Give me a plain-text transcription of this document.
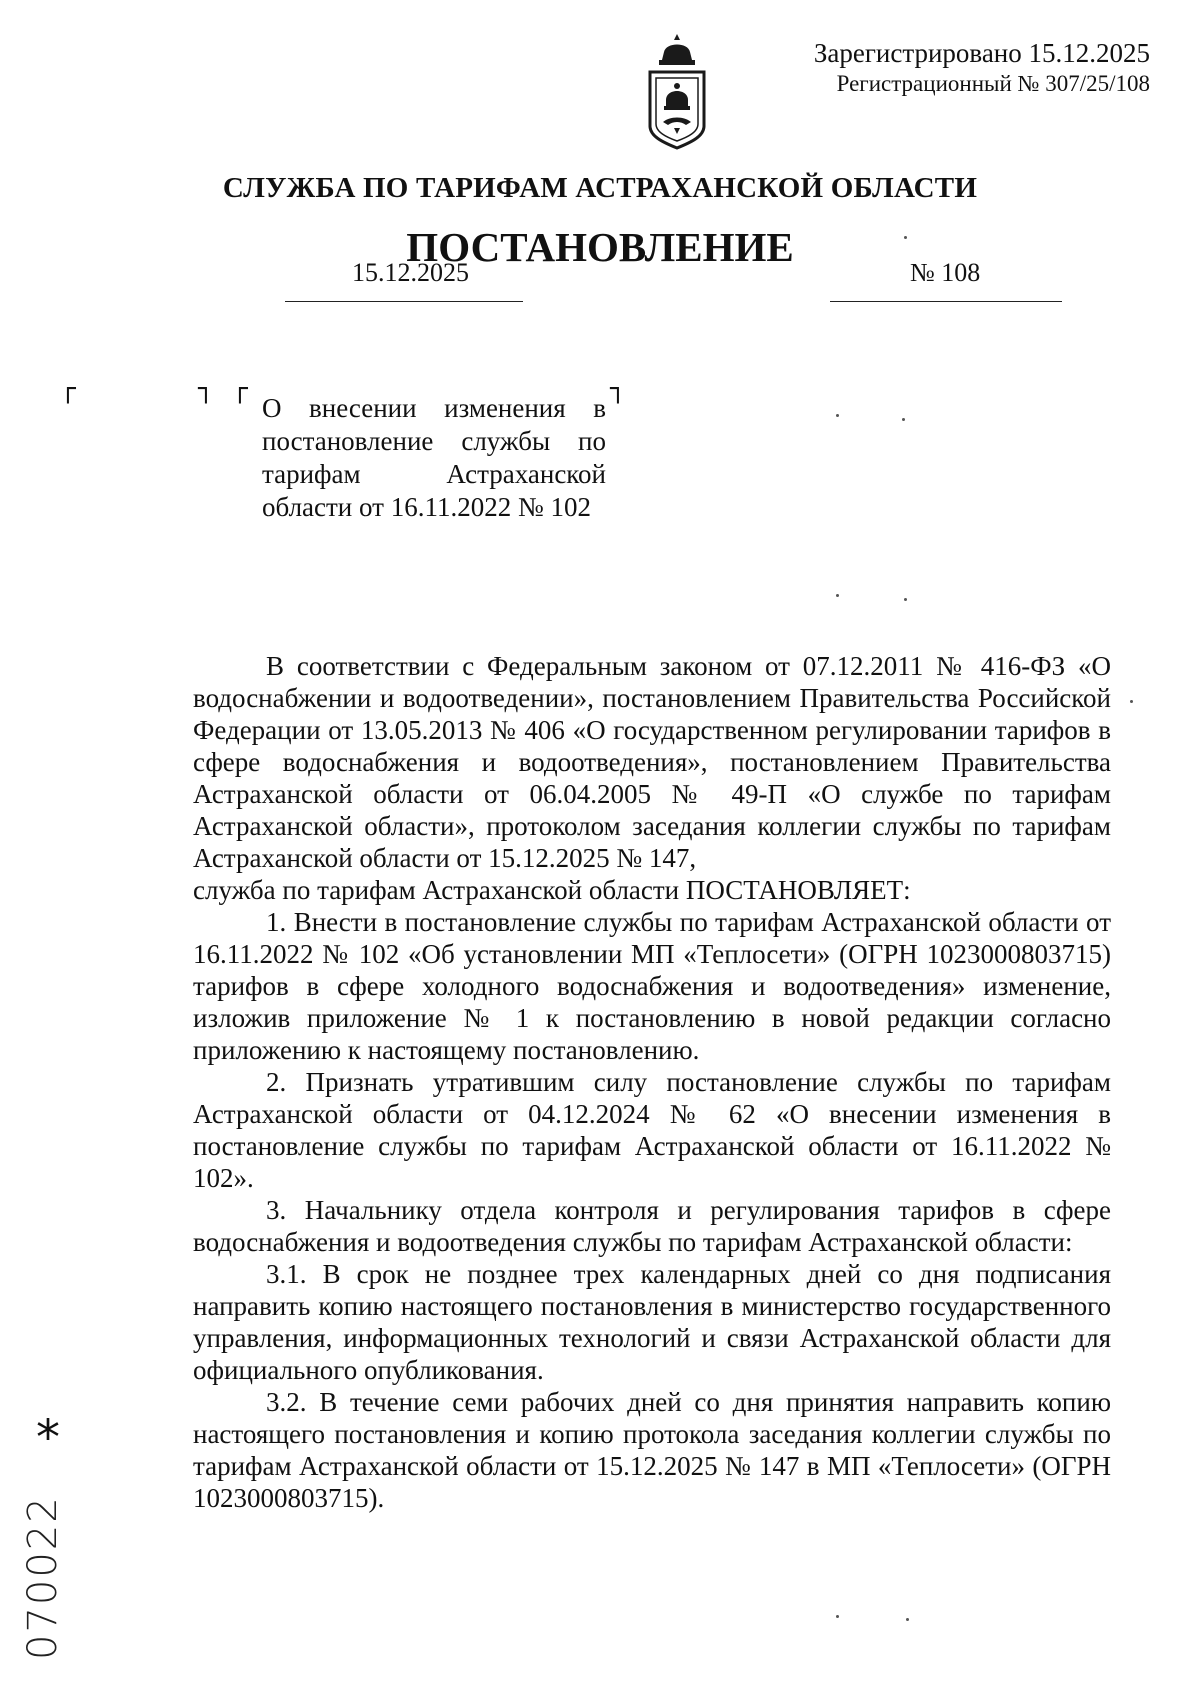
Зарегистрировано 15.12.2025
Регистрационный № 307/25/108
СЛУЖБА ПО ТАРИФАМ АСТРАХАНСКОЙ ОБЛАСТИ
ПОСТАНОВЛЕНИЕ
15.12.2025	№ 108
┌	┐ ┌	┐
О внесении изменения в постановление службы по тарифам Астраханской области от 16.11.2022 № 102

В соответствии с Федеральным законом от 07.12.2011 № 416-ФЗ «О водоснабжении и водоотведении», постановлением Правительства Российской Федерации от 13.05.2013 № 406 «О государственном регулировании тарифов в сфере водоснабжения и водоотведения», постановлением Правительства Астраханской области от 06.04.2005 № 49-П «О службе по тарифам Астраханской области», протоколом заседания коллегии службы по тарифам Астраханской области от 15.12.2025 № 147,

служба по тарифам Астраханской области ПОСТАНОВЛЯЕТ:

1. Внести в постановление службы по тарифам Астраханской области от 16.11.2022 № 102 «Об установлении МП «Теплосети» (ОГРН 1023000803715) тарифов в сфере холодного водоснабжения и водоотведения» изменение, изложив приложение № 1 к постановлению в новой редакции согласно приложению к настоящему постановлению.

2. Признать утратившим силу постановление службы по тарифам Астраханской области от 04.12.2024 № 62 «О внесении изменения в постановление службы по тарифам Астраханской области от 16.11.2022 № 102».

3. Начальнику отдела контроля и регулирования тарифов в сфере водоснабжения и водоотведения службы по тарифам Астраханской области:

3.1. В срок не позднее трех календарных дней со дня подписания направить копию настоящего постановления в министерство государственного управления, информационных технологий и связи Астраханской области для официального опубликования.

3.2. В течение семи рабочих дней со дня принятия направить копию настоящего постановления и копию протокола заседания коллегии службы по тарифам Астраханской области от 15.12.2025 № 147 в МП «Теплосети» (ОГРН 1023000803715).

*
070022
